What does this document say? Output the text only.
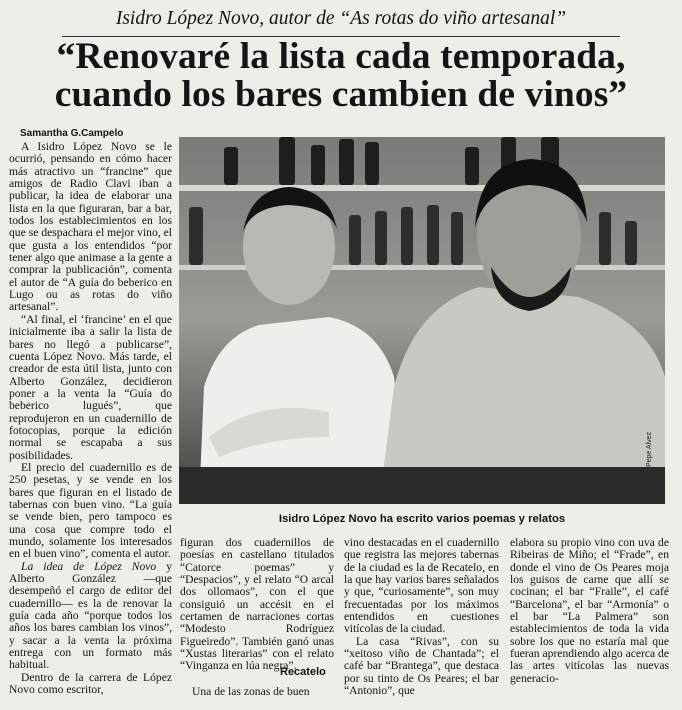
Isidro López Novo, autor de “As rotas do viño artesanal”
“Renovaré la lista cada temporada,
cuando los bares cambien de vinos”
Samantha G.Campelo

A Isidro López Novo se le ocurrió, pensando en cómo hacer más atractivo un “francine” que amigos de Radio Clavi iban a publicar, la idea de elaborar una lista en la que figuraran, bar a bar, todos los establecimientos en los que se despachara el mejor vino, el que gusta a los entendidos “por tener algo que animase a la gente a comprar la publicación”, comenta el autor de “A guía do beberico en Lugo ou as rotas do viño artesanal”.

“Al final, el ‘francine’ en el que inicialmente iba a salir la lista de bares no llegó a publicarse”, cuenta López Novo. Más tarde, el creador de esta útil lista, junto con Alberto González, decidieron poner a la venta la “Guía do beberico lugués”, que reprodujeron en un cuadernillo de fotocopias, porque la edición normal se escapaba a sus posibilidades.

El precio del cuadernillo es de 250 pesetas, y se vende en los bares que figuran en el listado de tabernas con buen vino. “La guía se vende bien, pero tampoco es una cosa que compre todo el mundo, solamente los interesados en el buen vino”, comenta el autor.

La idea de López Novo y Alberto González —que desempeñó el cargo de editor del cuadernillo— es la de renovar la guía cada año “porque todos los años los bares cambian los vinos”, y sacar a la venta la próxima entrega con un formato más habitual.

Dentro de la carrera de López Novo como escritor,

Pepe Alvez
Isidro López Novo ha escrito varios poemas y relatos

figuran dos cuadernillos de poesías en castellano titulados “Catorce poemas” y “Despacios”, y el relato “O arcal dos ollomaos”, con el que consiguió un accésit en el certamen de narraciones cortas “Modesto Rodríguez Figueiredo”. También ganó unas “Xustas literarias” con el relato “Vinganza en lúa negra”.

Recatelo

Una de las zonas de buen

vino destacadas en el cuadernillo que registra las mejores tabernas de la ciudad es la de Recatelo, en la que hay varios bares señalados y que, “curiosamente”, son muy frecuentadas por los máximos entendidos en cuestiones vitícolas de la ciudad.

La casa “Rivas”, con su “xeitoso viño de Chantada”; el café bar “Brantega”, que destaca por su tinto de Os Peares; el bar “Antonio”, que

elabora su propio vino con uva de Ribeiras de Miño; el “Frade”, en donde el vino de Os Peares moja los guisos de carne que allí se cocinan; el bar “Fraile”, el café “Barcelona”, el bar “Armonía” o el bar “La Palmera” son establecimientos de toda la vida sobre los que no estaría mal que fueran aprendiendo algo acerca de las artes vitícolas las nuevas generacio-
